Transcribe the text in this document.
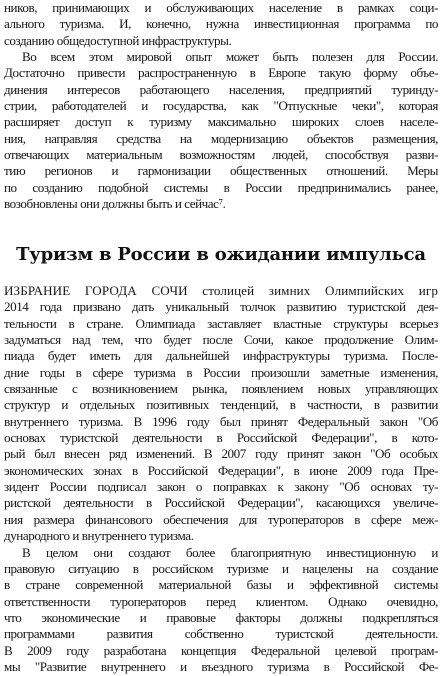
ников, принимающих и обслуживающих население в рамках соци-
ального туризма. И, конечно, нужна инвестиционная программа по
созданию общедоступной инфраструктуры.
Во всем этом мировой опыт может быть полезен для России.
Достаточно привести распространенную в Европе такую форму объе-
динения интересов работающего населения, предприятий туринду-
стрии, работодателей и государства, как "Отпускные чеки", которая
расширяет доступ к туризму максимально широких слоев населе-
ния, направляя средства на модернизацию объектов размещения,
отвечающих материальным возможностям людей, способствуя разви-
тию регионов и гармонизации общественных отношений. Меры
по созданию подобной системы в России предпринимались ранее,
возобновлены они должны быть и сейчас⁷.
Туризм в России в ожидании импульса
ИЗБРАНИЕ ГОРОДА СОЧИ столицей зимних Олимпийских игр
2014 года призвано дать уникальный толчок развитию туристской дея-
тельности в стране. Олимпиада заставляет властные структуры всерьез
задуматься над тем, что будет после Сочи, какое продолжение Олим-
пиада будет иметь для дальнейшей инфраструктуры туризма. После-
дние годы в сфере туризма в России произошли заметные изменения,
связанные с возникновением рынка, появлением новых управляющих
структур и отдельных позитивных тенденций, в частности, в развитии
внутреннего туризма. В 1996 году был принят Федеральный закон "Об
основах туристской деятельности в Российской Федерации", в кото-
рый был внесен ряд изменений. В 2007 году принят закон "Об особых
экономических зонах в Российской Федерации", в июне 2009 года Пре-
зидент России подписал закон о поправках к закону "Об основах ту-
ристской деятельности в Российской Федерации", касающихся увеличе-
ния размера финансового обеспечения для туроператоров в сфере меж-
дународного и внутреннего туризма.
В целом они создают более благоприятную инвестиционную и
правовую ситуацию в российском туризме и нацелены на создание
в стране современной материальной базы и эффективной системы
ответственности туроператоров перед клиентом. Однако очевидно,
что экономические и правовые факторы должны подкрепляться
программами развития собственно туристской деятельности.
В 2009 году разработана концепция Федеральной целевой програм-
мы "Развитие внутреннего и въездного туризма в Российской Фе-
